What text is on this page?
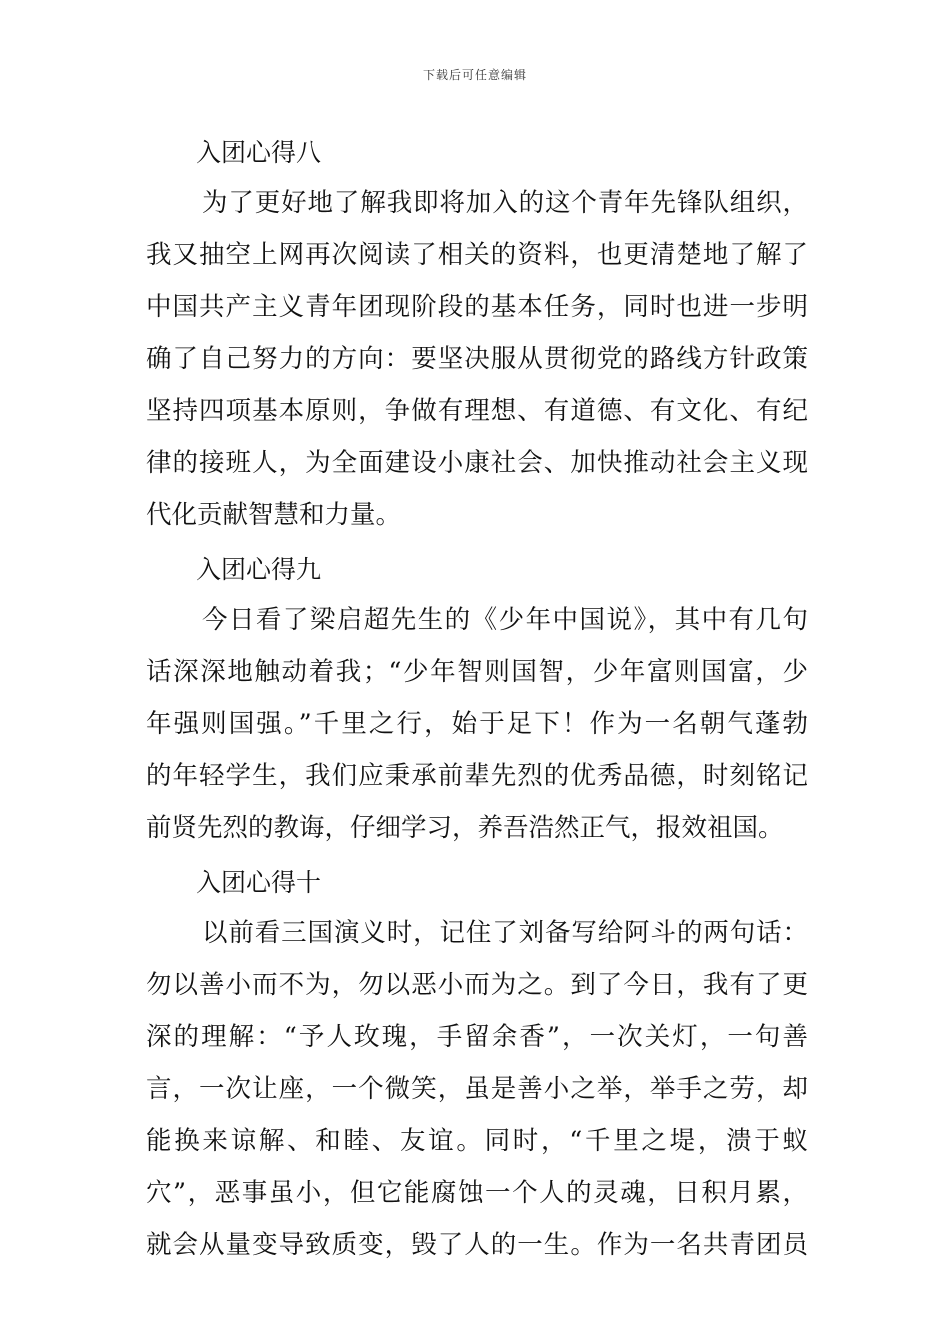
下载后可任意编辑
入团心得八

为了更好地了解我即将加入的这个青年先锋队组织，

我又抽空上网再次阅读了相关的资料，也更清楚地了解了

中国共产主义青年团现阶段的基本任务，同时也进一步明

确了自己努力的方向：要坚决服从贯彻党的路线方针政策

坚持四项基本原则，争做有理想、有道德、有文化、有纪

律的接班人，为全面建设小康社会、加快推动社会主义现

代化贡献智慧和力量。

入团心得九

今日看了梁启超先生的《少年中国说》，其中有几句

话深深地触动着我；“少年智则国智，少年富则国富，少

年强则国强。”千里之行，始于足下！作为一名朝气蓬勃

的年轻学生，我们应秉承前辈先烈的优秀品德，时刻铭记

前贤先烈的教诲，仔细学习，养吾浩然正气，报效祖国。

入团心得十

以前看三国演义时，记住了刘备写给阿斗的两句话：

勿以善小而不为，勿以恶小而为之。到了今日，我有了更

深的理解：“予人玫瑰，手留余香”，一次关灯，一句善

言，一次让座，一个微笑，虽是善小之举，举手之劳，却

能换来谅解、和睦、友谊。同时，“千里之堤，溃于蚁

穴”，恶事虽小，但它能腐蚀一个人的灵魂，日积月累，

就会从量变导致质变，毁了人的一生。作为一名共青团员
